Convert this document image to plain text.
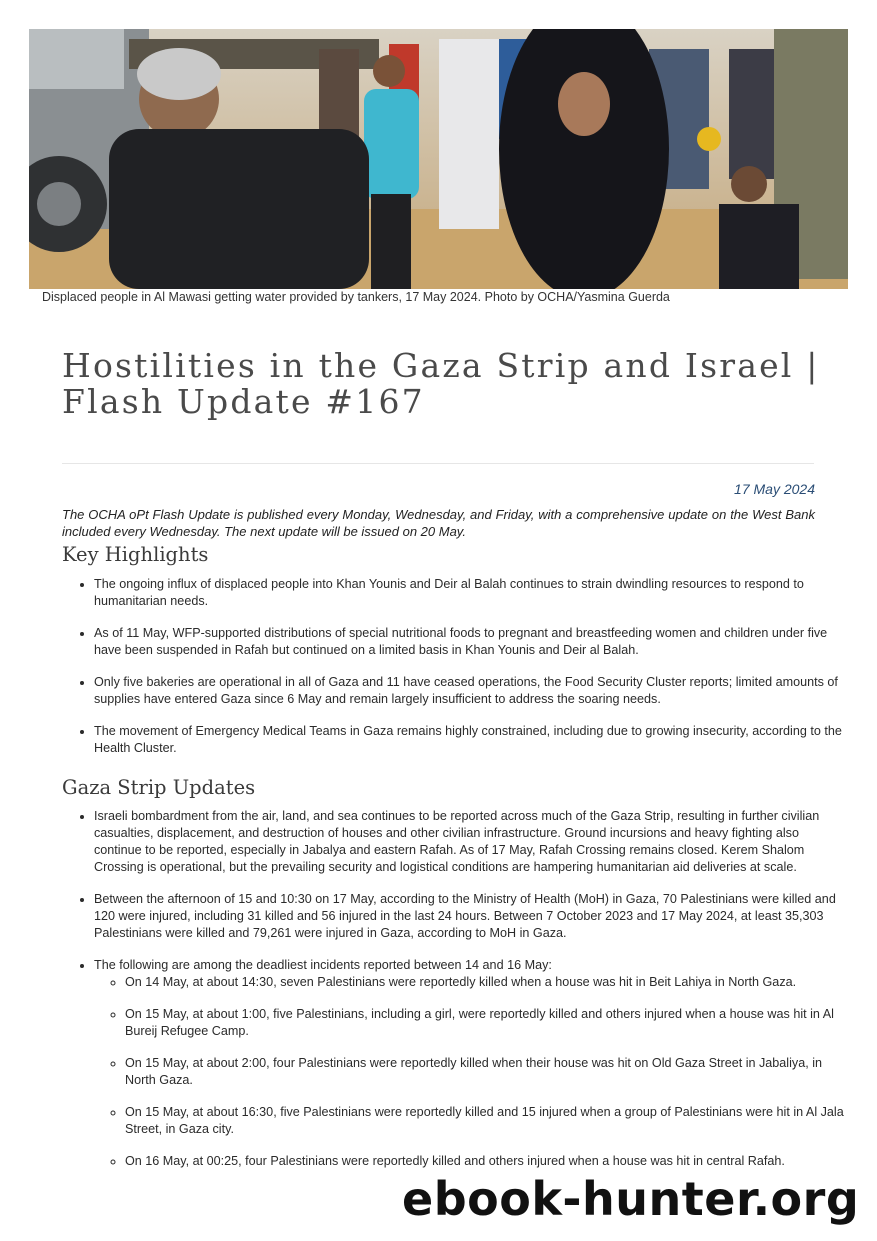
Displaced people in Al Mawasi getting water provided by tankers, 17 May 2024. Photo by OCHA/Yasmina Guerda
Hostilities in the Gaza Strip and Israel | Flash Update #167
17 May 2024

The OCHA oPt Flash Update is published every Monday, Wednesday, and Friday, with a comprehensive update on the West Bank included every Wednesday. The next update will be issued on 20 May.

Key Highlights
• The ongoing influx of displaced people into Khan Younis and Deir al Balah continues to strain dwindling resources to respond to humanitarian needs.
• As of 11 May, WFP-supported distributions of special nutritional foods to pregnant and breastfeeding women and children under five have been suspended in Rafah but continued on a limited basis in Khan Younis and Deir al Balah.
• Only five bakeries are operational in all of Gaza and 11 have ceased operations, the Food Security Cluster reports; limited amounts of supplies have entered Gaza since 6 May and remain largely insufficient to address the soaring needs.
• The movement of Emergency Medical Teams in Gaza remains highly constrained, including due to growing insecurity, according to the Health Cluster.
Gaza Strip Updates
• Israeli bombardment from the air, land, and sea continues to be reported across much of the Gaza Strip, resulting in further civilian casualties, displacement, and destruction of houses and other civilian infrastructure. Ground incursions and heavy fighting also continue to be reported, especially in Jabalya and eastern Rafah. As of 17 May, Rafah Crossing remains closed. Kerem Shalom Crossing is operational, but the prevailing security and logistical conditions are hampering humanitarian aid deliveries at scale.
• Between the afternoon of 15 and 10:30 on 17 May, according to the Ministry of Health (MoH) in Gaza, 70 Palestinians were killed and 120 were injured, including 31 killed and 56 injured in the last 24 hours. Between 7 October 2023 and 17 May 2024, at least 35,303 Palestinians were killed and 79,261 were injured in Gaza, according to MoH in Gaza.
• The following are among the deadliest incidents reported between 14 and 16 May:
◦ On 14 May, at about 14:30, seven Palestinians were reportedly killed when a house was hit in Beit Lahiya in North Gaza.
◦ On 15 May, at about 1:00, five Palestinians, including a girl, were reportedly killed and others injured when a house was hit in Al Bureij Refugee Camp.
◦ On 15 May, at about 2:00, four Palestinians were reportedly killed when their house was hit on Old Gaza Street in Jabaliya, in North Gaza.
◦ On 15 May, at about 16:30, five Palestinians were reportedly killed and 15 injured when a group of Palestinians were hit in Al Jala Street, in Gaza city.
◦ On 16 May, at 00:25, four Palestinians were reportedly killed and others injured when a house was hit in central Rafah.
ebook-hunter.org
